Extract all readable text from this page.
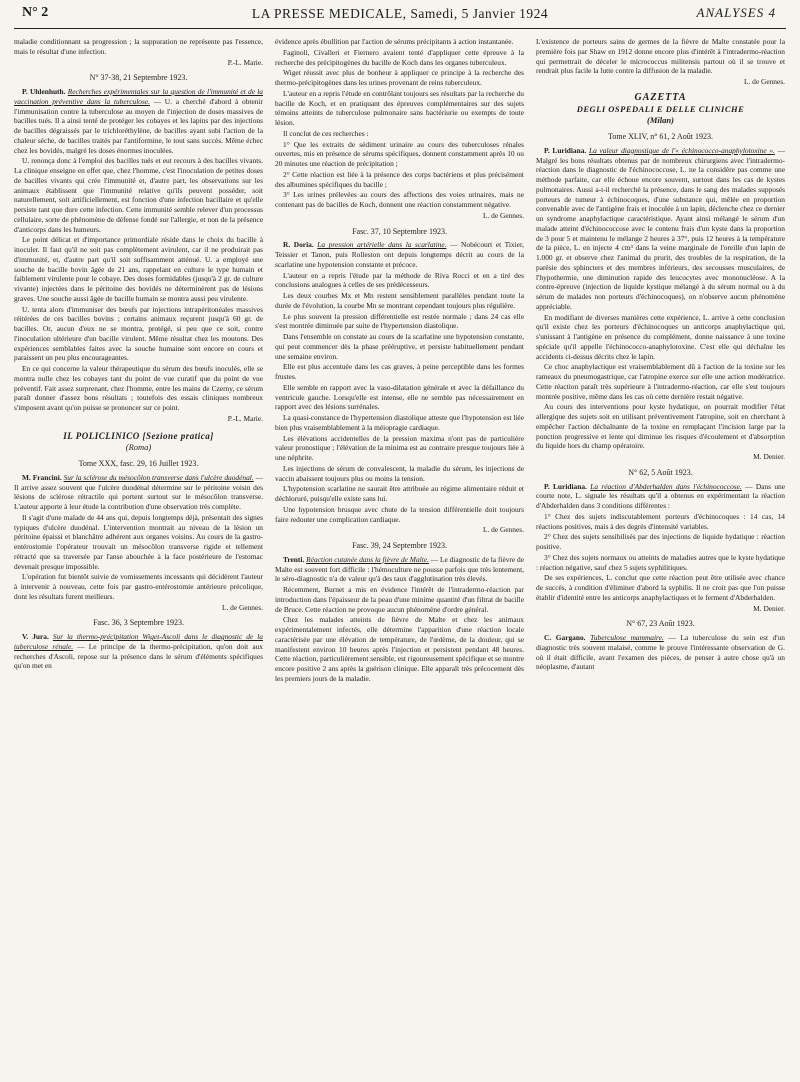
N° 2	LA PRESSE MEDICALE, Samedi, 5 Janvier 1924	ANALYSES 4

maladie conditionnant sa progression ; la suppuration ne représente pas l'essence, mais le résultat d'une infection.

P.-L. Marie.
N° 37-38, 21 Septembre 1923.

P. Uhlenhuth. Recherches expérimentales sur la question de l'immunité et de la vaccination préventive dans la tuberculose. — U. a cherché d'abord à obtenir l'immunisation contre la tuberculose au moyen de l'injection de doses massives de bacilles tués. Il a ainsi tenté de protéger les cobayes et les lapins par des injections de bacilles dégraissés par le trichloréthylène, de bacilles ayant subi l'action de la chaleur sèche, de bacilles traités par l'antiformine, le tout sans succès. Même échec chez les bovidés, malgré les doses énormes inoculées.

U. renonça donc à l'emploi des bacilles tués et eut recours à des bacilles vivants. La clinique enseigne en effet que, chez l'homme, c'est l'inoculation de petites doses de bacilles vivants qui crée l'immunité et, d'autre part, les observations sur les animaux établissent que l'immunité relative qu'ils peuvent posséder, soit naturellement, soit artificiellement, est fonction d'une infection bacillaire et qu'elle persiste tant que dure cette infection. Cette immunité semble relever d'un processus cellulaire, sorte de phénomène de défense fondé sur l'allergie, et non de la présence d'anticorps dans les humeurs.

Le point délicat et d'importance primordiale réside dans le choix du bacille à inoculer. Il faut qu'il ne soit pas complètement avirulent, car il ne produirait pas d'immunité, et, d'autre part qu'il soit suffisamment atténué. U. a employé une souche de bacille bovin âgée de 21 ans, rappelant en culture le type humain et faiblement virulente pour le cobaye. Des doses formidables (jusqu'à 2 gr. de culture vivante) injectées dans le péritoine des bovidés ne déterminèrent pas de lésions graves. Une souche aussi âgée de bacille humain se montra aussi peu virulente.

U. tenta alors d'immuniser des bœufs par injections intrapéritonéales massives réitérées de ces bacilles bovins ; certains animaux reçurent jusqu'à 60 gr. de bacilles. Or, aucun d'eux ne se montra, protégé, si peu que ce soit, contre l'inoculation ultérieure d'un bacille virulent. Même résultat chez les moutons. Des expériences semblables faites avec la souche humaine sont encore en cours et paraissent un peu plus encourageantes.

En ce qui concerne la valeur thérapeutique du sérum des bœufs inoculés, elle se montra nulle chez les cobayes tant du point de vue curatif que du point de vue préventif. Fait assez surprenant, chez l'homme, entre les mains de Czerny, ce sérum paraît donner d'assez bons résultats ; toutefois des essais cliniques nombreux s'imposent avant qu'on puisse se prononcer sur ce point.

P.-L. Marie.
IL POLICLINICO [Sezione pratica]
(Roma)
Tome XXX, fasc. 29, 16 Juillet 1923.

M. Francini. Sur la sclérose du mésocôlon transverse dans l'ulcère duodénal. — Il arrive assez souvent que l'ulcère duodénal détermine sur le péritoine voisin des lésions de sclérose rétractile qui portent surtout sur le mésocôlon transverse. L'auteur apporte à leur étude la contribution d'une observation très complète.

Il s'agit d'une malade de 44 ans qui, depuis longtemps déjà, présentait des signes typiques d'ulcère duodénal. L'intervention montrait au niveau de la lésion un péritoine épaissi et blanchâtre adhérent aux organes voisins. Au cours de la gastro-entérostomie l'opérateur trouvait un mésocôlon transverse rigide et tellement rétracté que sa traversée par l'anse abouchée à la face postérieure de l'estomac devenait presque impossible.

L'opération fut bientôt suivie de vomissements incessants qui décidèrent l'auteur à intervenir à nouveau, cette fois par gastro-entérostomie antérieure précolique, dont les résultats furent meilleurs.

L. de Gennes.
Fasc. 36, 3 Septembre 1923.

V. Jura. Sur la thermo-précipitation Wiget-Ascoli dans le diagnostic de la tuberculose rénale. — Le principe de la thermo-précipitation, qu'on doit aux recherches d'Ascoli, repose sur la présence dans le sérum d'éléments spécifiques qu'on met en

évidence après ébullition par l'action de sérums précipitants à action instantanée.

Faginoli, Cívalleri et Fiernero avaient tenté d'appliquer cette épreuve à la recherche des précipitogènes du bacille de Koch dans les organes tuberculeux.

Wiget réussit avec plus de bonheur à appliquer ce principe à la recherche des thermo-précipitogènes dans les urines provenant de reins tuberculeux.

L'auteur en a repris l'étude en contrôlant toujours ses résultats par la recherche du bacille de Koch, et en pratiquant des épreuves complémentaires sur des sujets témoins atteints de tuberculose pulmonaire sans bactériurie ou exempts de toute lésion.

Il conclut de ces recherches :

1° Que les extraits de sédiment urinaire au cours des tuberculoses rénales ouvertes, mis en présence de sérums spécifiques, donnent constamment après 10 ou 20 minutes une réaction de précipitation ;

2° Cette réaction est liée à la présence des corps bactériens et plus précisément des albumines spécifiques du bacille ;

3° Les urines prélevées au cours des affections des voies urinaires, mais ne contenant pas de bacilles de Koch, donnent une réaction constamment négative.

L. de Gennes.
Fasc. 37, 10 Septembre 1923.

R. Doria. La pression artérielle dans la scarlatine. — Nobécourt et Tixier, Teissier et Tanon, puis Rolleston ont depuis longtemps décrit au cours de la scarlatine une hypotension constante et précoce.

L'auteur en a repris l'étude par la méthode de Riva Rocci et en a tiré des conclusions analogues à celles de ses prédécesseurs.

Les deux courbes Mx et Mn restent sensiblement parallèles pendant toute la durée de l'évolution, la courbe Mn se montrant cependant toujours plus régulière.

Le plus souvent la pression différentielle est restée normale ; dans 24 cas elle s'est montrée diminuée par suite de l'hypertension diastolique.

Dans l'ensemble on constate au cours de la scarlatine une hypotension constante, qui peut commencer dès la phase prééruptive, et persiste habituellement pendant une semaine environ.

Elle est plus accentuée dans les cas graves, à peine perceptible dans les formes frustes.

Elle semble en rapport avec la vaso-dilatation générale et avec la défaillance du ventricule gauche. Lorsqu'elle est intense, elle ne semble pas nécessairement en rapport avec des lésions surrénales.

La quasi-constance de l'hypertension diastolique atteste que l'hypotension est liée bien plus vraisemblablement à la méiopragie cardiaque.

Les élévations accidentelles de la pression maxima n'ont pas de particulière valeur pronostique ; l'élévation de la minima est au contraire presque toujours liée à une néphrite.

Les injections de sérum de convalescent, la maladie du sérum, les injections de vaccin abaissent toujours plus ou moins la tension.

L'hypotension scarlatine ne saurait être attribuée au régime alimentaire réduit et déchloruré, puisqu'elle existe sans lui.

Une hypotension brusque avec chute de la tension différentielle doit toujours faire redouter une complication cardiaque.

L. de Gennes.
Fasc. 39, 24 Septembre 1923.

Trenti. Réaction cutanée dans la fièvre de Malte. — Le diagnostic de la fièvre de Malte est souvent fort difficile : l'hémoculture ne pousse parfois que très lentement, le séro-diagnostic n'a de valeur qu'à des taux d'agglutination très élevés.

Récemment, Burnet a mis en évidence l'intérêt de l'intradermo-réaction par introduction dans l'épaisseur de la peau d'une minime quantité d'un filtrat de bacille de Bruce. Cette réaction ne provoque aucun phénomène d'ordre général.

Chez les malades atteints de fièvre de Malte et chez les animaux expérimentalement infectés, elle détermine l'apparition d'une réaction locale caractérisée par une élévation de température, de l'œdème, de la douleur, qui se manifestent environ 10 heures après l'injection et persistent pendant 48 heures. Cette réaction, particulièrement sensible, est rigoureusement spécifique et se montre encore positive 2 ans après la guérison clinique. Elle apparaît très précocement dès les premiers jours de la maladie.

L'existence de porteurs sains de germes de la fièvre de Malte constatée pour la première fois par Shaw en 1912 donne encore plus d'intérêt à l'intradermo-réaction qui permettrait de déceler le micrococcus militensis partout où il se trouve et rendrait plus facile la lutte contre la diffusion de la maladie.

L. de Gennes.
GAZETTA
DEGLI OSPEDALI E DELLE CLINICHE
(Milan)
Tome XLIV, n° 61, 2 Août 1923.

P. Luridiana. La valeur diagnostique de l'« échinococco-anaphylotoxine ». — Malgré les bons résultats obtenus par de nombreux chirurgiens avec l'intradermo-réaction dans le diagnostic de l'échinococcose, L. ne la considère pas comme une méthode parfaite, car elle échoue encore souvent, surtout dans les cas de kystes pulmonaires. Aussi a-t-il recherché la présence, dans le sang des malades supposés porteurs de tumeur à échinocoques, d'une substance qui, mêlée en proportion convenable avec de l'antigène frais et inoculée à un lapin, déclenche chez ce dernier un syndrome anaphylactique caractéristique. Ayant ainsi mélangé le sérum d'un malade atteint d'échinococcose avec le contenu frais d'un kyste dans la proportion de 3 pour 5 et maintenu le mélange 2 heures à 37°, puis 12 heures à la température de la pièce, L. en injecte 4 cm³ dans la veine marginale de l'oreille d'un lapin de 1.000 gr. et observe chez l'animal du prurit, des troubles de la respiration, de la parésie des sphincters et des membres inférieurs, des secousses musculaires, de l'hypothermie, une diminution rapide des leucocytes avec mononucléose. A la contre-épreuve (injection de liquide kystique mélangé à du sérum normal ou à du sérum de malades non porteurs d'échinocoques), on n'observe aucun phénomène appréciable.

En modifiant de diverses manières cette expérience, L. arrive à cette conclusion qu'il existe chez les porteurs d'échinocoques un anticorps anaphylactique qui, s'unissant à l'antigène en présence du complément, donne naissance à une toxine spéciale qu'il appelle l'échinococco-anaphylotoxine. C'est elle qui déchaîne les accidents ci-dessus décrits chez le lapin.

Ce choc anaphylactique est vraisemblablement dû à l'action de la toxine sur les rameaux du pneumogastrique, car l'atropine exerce sur elle une action modératrice. Cette réaction paraît très supérieure à l'intradermo-réaction, car elle s'est toujours montrée positive, même dans les cas où cette dernière restait négative.

Au cours des interventions pour kyste hydatique, on pourrait modifier l'état allergique des sujets soit en utilisant préventivement l'atropine, soit en cherchant à empêcher l'action déchaînante de la toxine en remplaçant l'incision large par la ponction progressive et lente qui diminue les risques d'écoulement et d'absorption du liquide hors du champ opératoire.

M. Denier.
N° 62, 5 Août 1923.

P. Luridiana. La réaction d'Abderhalden dans l'échinococcose. — Dans une courte note, L. signale les résultats qu'il a obtenus en expérimentant la réaction d'Abderhalden dans 3 conditions différentes :

1° Chez des sujets indiscutablement porteurs d'échinocoques : 14 cas, 14 réactions positives, mais à des degrés d'intensité variables.

2° Chez des sujets sensibilisés par des injections de liquide hydatique : réaction positive.

3° Chez des sujets normaux ou atteints de maladies autres que le kyste hydatique : réaction négative, sauf chez 5 sujets syphilitiques.

De ses expériences, L. conclut que cette réaction peut être utilisée avec chance de succès, à condition d'éliminer d'abord la syphilis. Il ne croit pas que l'on puisse établir d'identité entre les anticorps anaphylactiques et le ferment d'Abderhalden.

M. Denier.
N° 67, 23 Août 1923.

C. Gargano. Tuberculose mammaire. — La tuberculose du sein est d'un diagnostic très souvent malaisé, comme le prouve l'intéressante observation de G. où il était difficile, avant l'examen des pièces, de penser à autre chose qu'à un néoplasme, d'autant
